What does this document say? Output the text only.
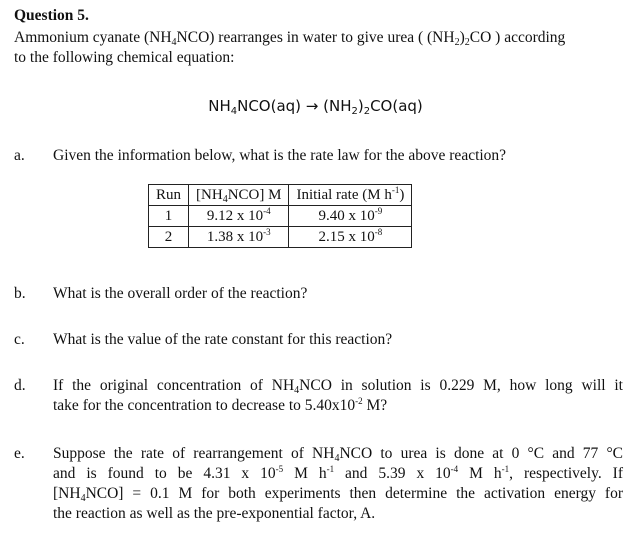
Question 5.
Ammonium cyanate $(NH_4NCO)$ rearranges in water to give urea ( $(NH_2)_2CO$ ) according
to the following chemical equation:
$NH_4NCO(aq) \to (NH_2)_2CO(aq)$
a. Given the information below, what is the rate law for the above reaction?
Run	$[NH_4NCO]$ M	Initial rate (M $h^{-1}$)
1	9.12 x $10^{-4}$	9.40 x $10^{-9}$
2	1.38 x $10^{-3}$	2.15 x $10^{-8}$
b. What is the overall order of the reaction?
c. What is the value of the rate constant for this reaction?
d. If the original concentration of $NH_4NCO$ in solution is 0.229 M, how long will it
take for the concentration to decrease to $5.40x10^{-2}$ M?
e. Suppose the rate of rearrangement of $NH_4NCO$ to urea is done at 0 °C and 77 °C
and is found to be 4.31 x $10^{-5}$ M $h^{-1}$ and 5.39 x $10^{-4}$ M $h^{-1}$, respectively. If
$[NH_4NCO] = 0.1$ M for both experiments then determine the activation energy for
the reaction as well as the pre-exponential factor, A.
